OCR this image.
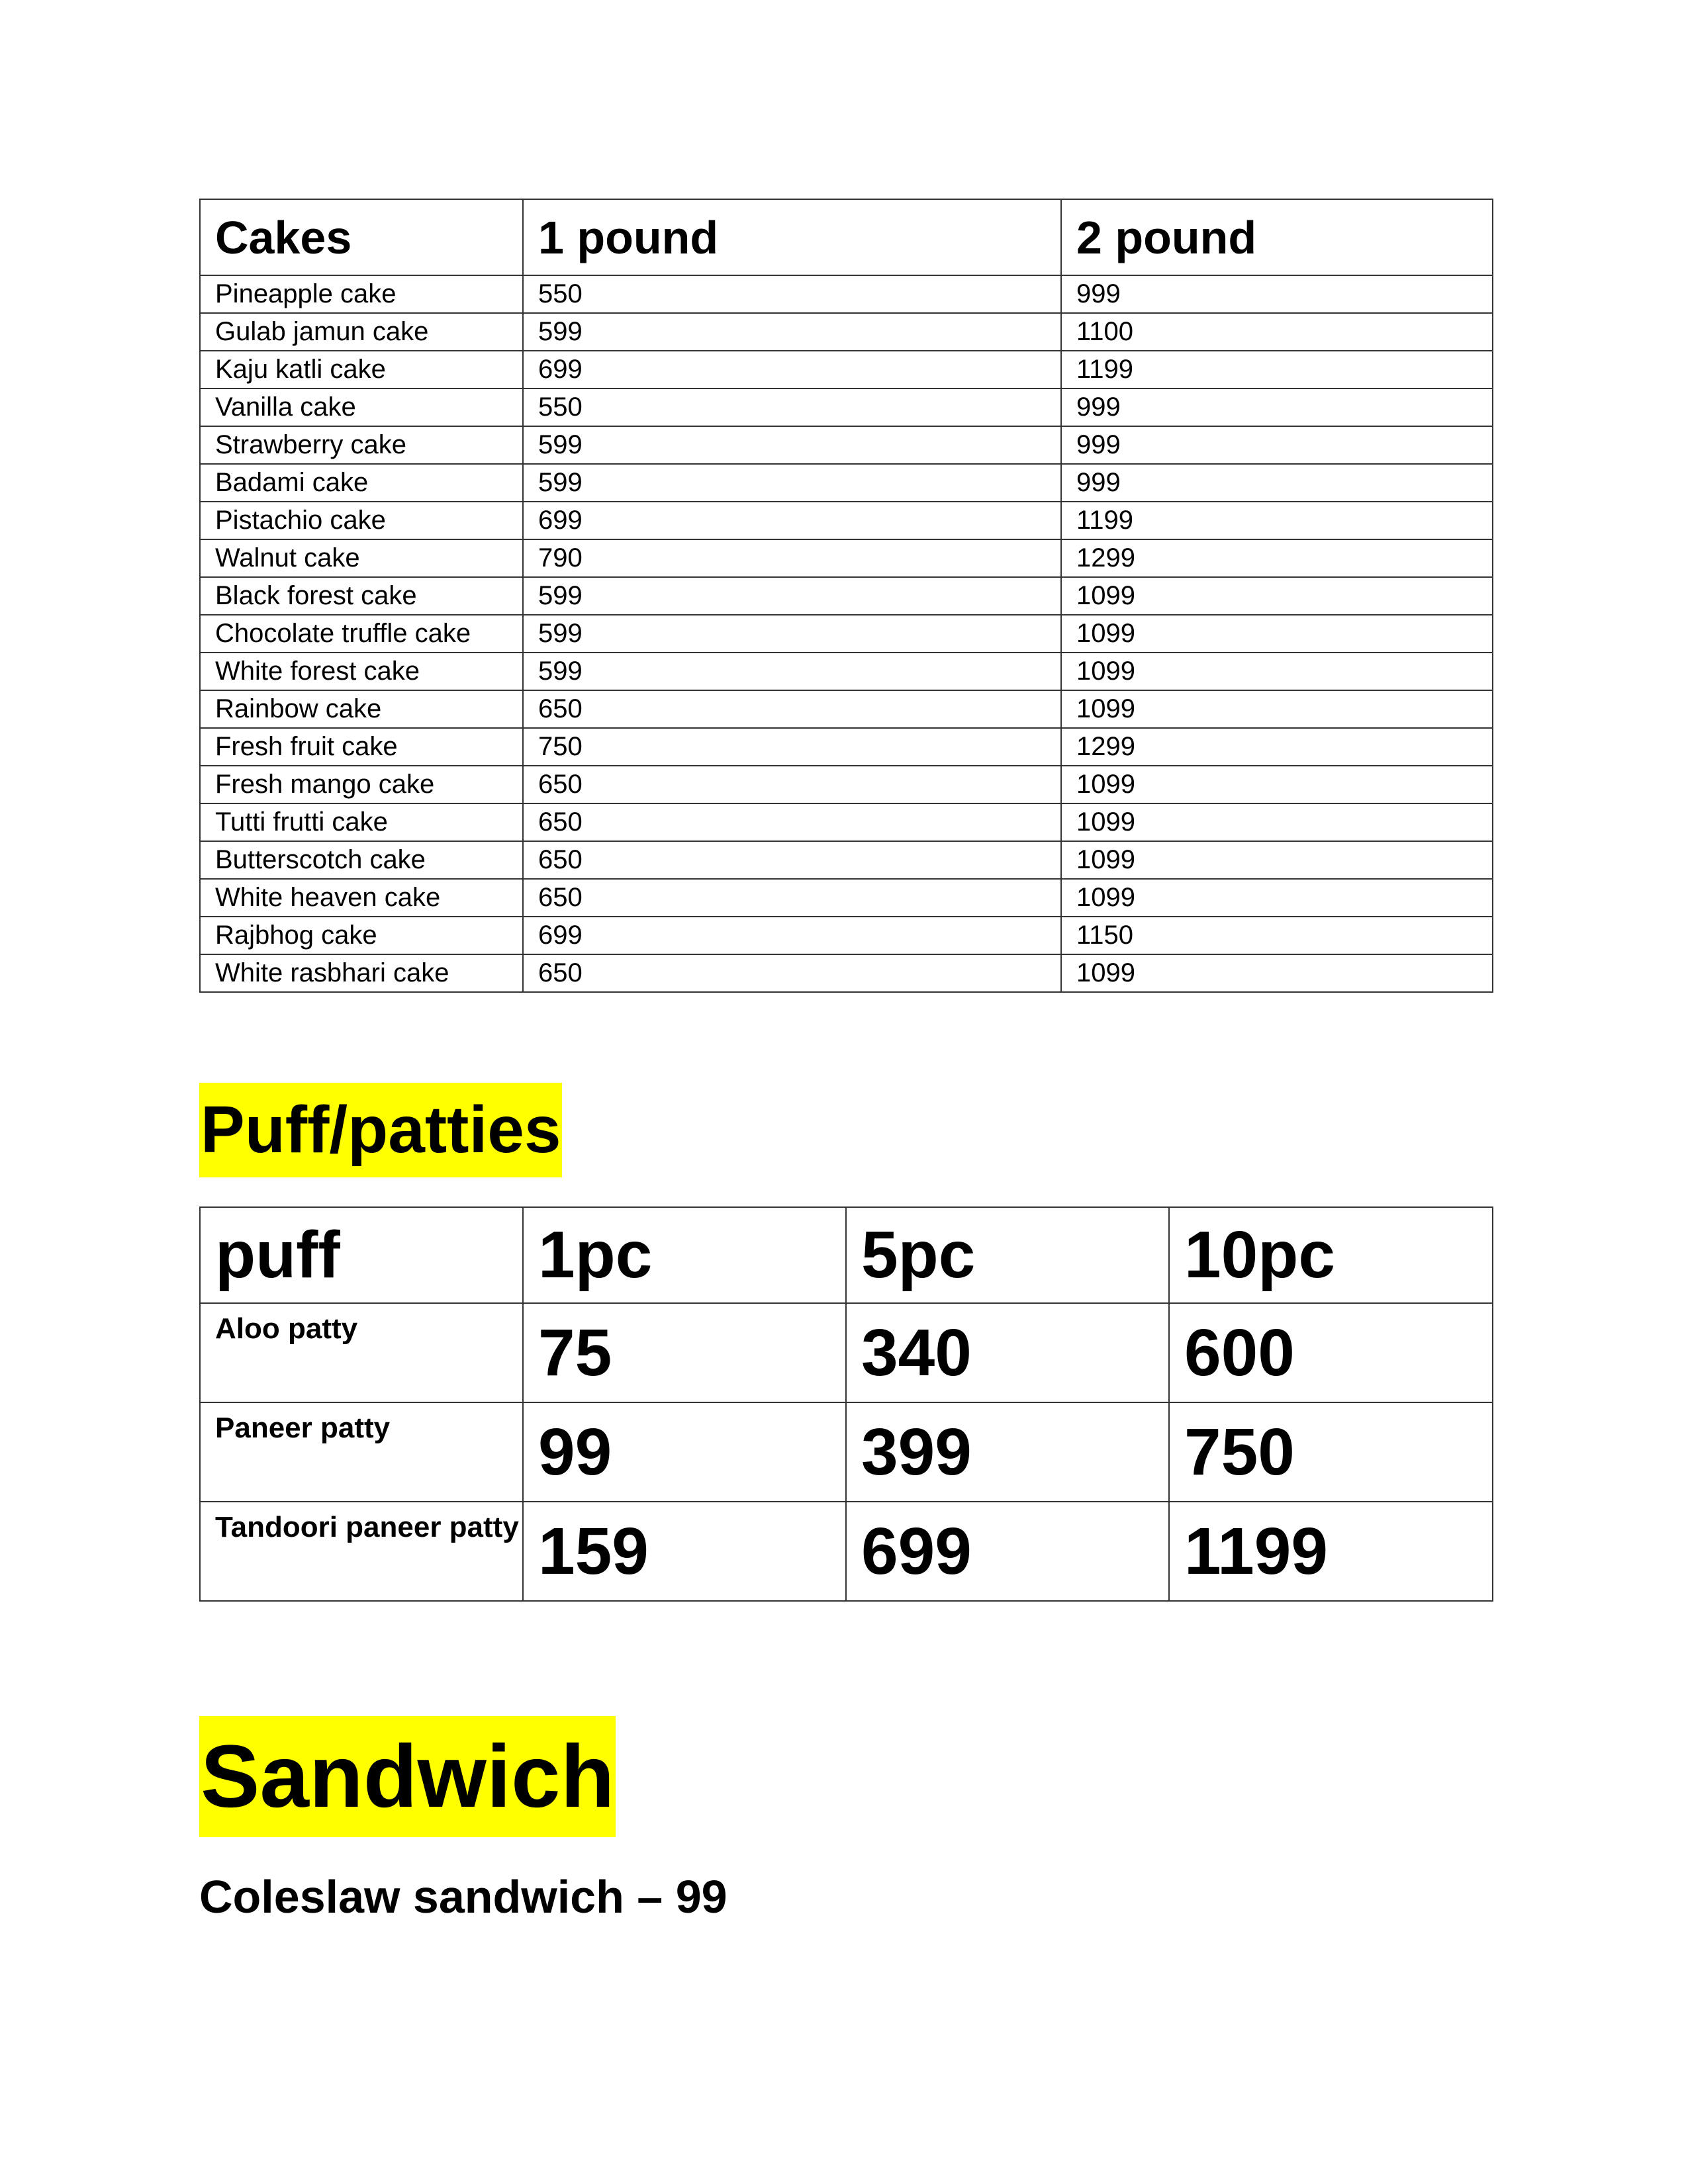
Cakes	1 pound	2 pound
Pineapple cake	550	999
Gulab jamun cake	599	1100
Kaju katli cake	699	1199
Vanilla cake	550	999
Strawberry cake	599	999
Badami cake	599	999
Pistachio cake	699	1199
Walnut cake	790	1299
Black forest cake	599	1099
Chocolate truffle cake	599	1099
White forest cake	599	1099
Rainbow cake	650	1099
Fresh fruit cake	750	1299
Fresh mango cake	650	1099
Tutti frutti cake	650	1099
Butterscotch cake	650	1099
White heaven cake	650	1099
Rajbhog cake	699	1150
White rasbhari cake	650	1099
Puff/patties
puff	1pc	5pc	10pc
Aloo patty	75	340	600
Paneer patty	99	399	750
Tandoori paneer patty	159	699	1199
Sandwich

Coleslaw sandwich – 99
